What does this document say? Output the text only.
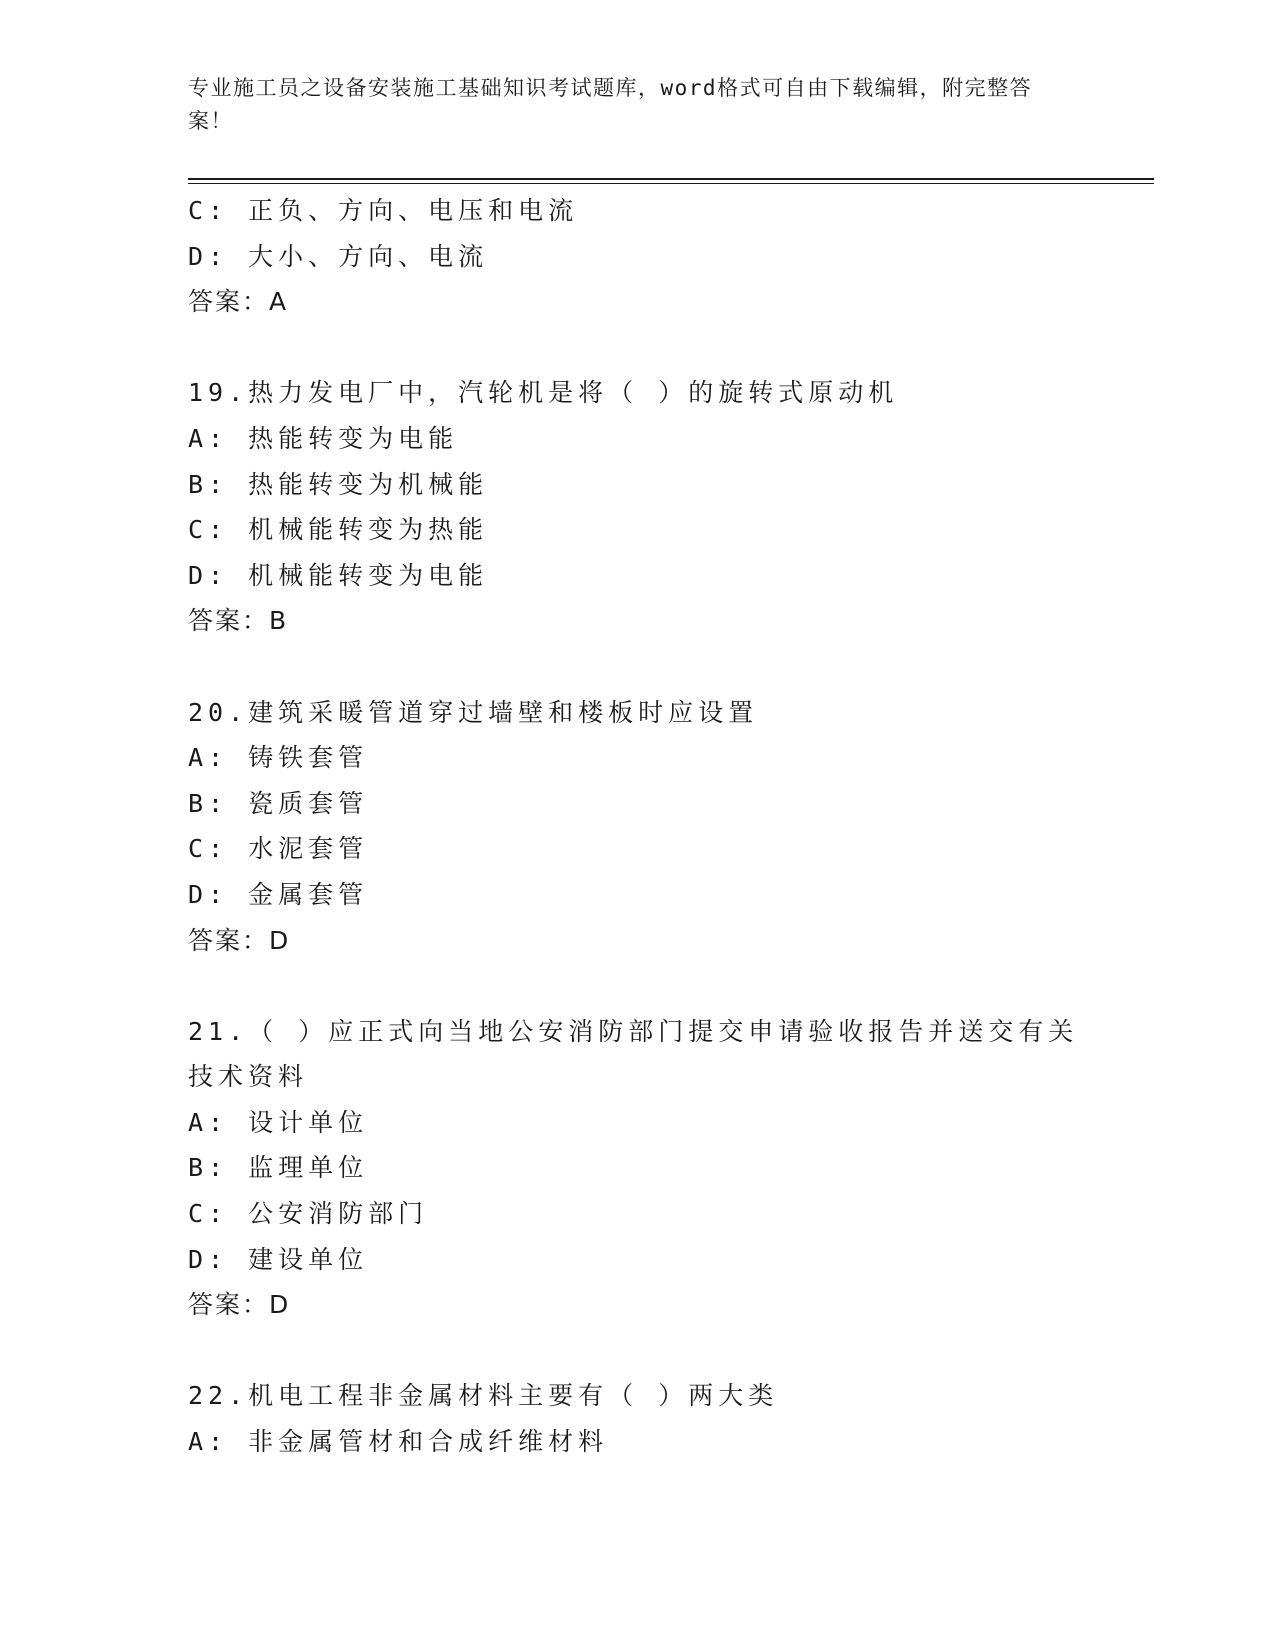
专业施工员之设备安装施工基础知识考试题库，word格式可自由下载编辑，附完整答案！
C: 正负、方向、电压和电流
D: 大小、方向、电流
答案：A
19.热力发电厂中，汽轮机是将（ ）的旋转式原动机
A: 热能转变为电能
B: 热能转变为机械能
C: 机械能转变为热能
D: 机械能转变为电能
答案：B
20.建筑采暖管道穿过墙壁和楼板时应设置
A: 铸铁套管
B: 瓷质套管
C: 水泥套管
D: 金属套管
答案：D
21.（ ）应正式向当地公安消防部门提交申请验收报告并送交有关技术资料
A: 设计单位
B: 监理单位
C: 公安消防部门
D: 建设单位
答案：D
22.机电工程非金属材料主要有（ ）两大类
A: 非金属管材和合成纤维材料
